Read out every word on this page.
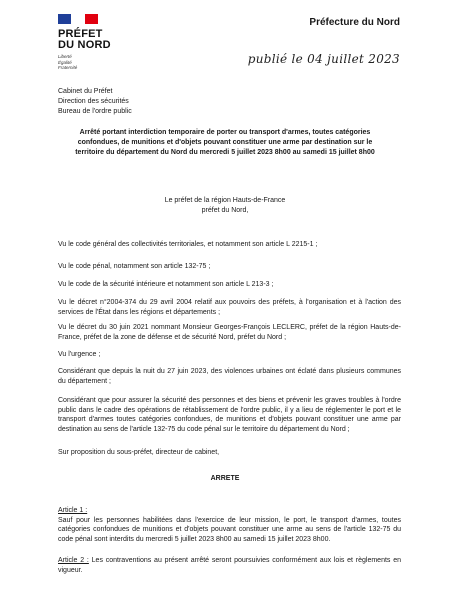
PRÉFET
DU NORD
Liberté
Égalité
Fraternité
Préfecture du Nord
publié le 04 juillet 2023
Cabinet du Préfet
Direction des sécurités
Bureau de l'ordre public
Arrêté portant interdiction temporaire de porter ou transport d'armes, toutes catégories confondues, de munitions et d'objets pouvant constituer une arme par destination sur le territoire du département du Nord du mercredi 5 juillet 2023 8h00 au samedi 15 juillet 8h00
Le préfet de la région Hauts-de-France
préfet du Nord,
Vu le code général des collectivités territoriales, et notamment son article L 2215-1 ;
Vu le code pénal, notamment son article 132-75 ;
Vu le code de la sécurité intérieure et notamment son article L 213-3 ;
Vu le décret n°2004-374 du 29 avril 2004 relatif aux pouvoirs des préfets, à l'organisation et à l'action des services de l'État dans les régions et départements ;
Vu le décret du 30 juin 2021 nommant Monsieur Georges-François LECLERC, préfet de la région Hauts-de-France, préfet de la zone de défense et de sécurité Nord, préfet du Nord ;
Vu l'urgence ;
Considérant que depuis la nuit du 27 juin 2023, des violences urbaines ont éclaté dans plusieurs communes du département ;
Considérant que pour assurer la sécurité des personnes et des biens et prévenir les graves troubles à l'ordre public dans le cadre des opérations de rétablissement de l'ordre public, il y a lieu de réglementer le port et le transport d'armes toutes catégories confondues, de munitions et d'objets pouvant constituer une arme par destination au sens de l'article 132-75 du code pénal sur le territoire du département du Nord ;
Sur proposition du sous-préfet, directeur de cabinet,
ARRETE
Article 1 :
Sauf pour les personnes habilitées dans l'exercice de leur mission, le port, le transport d'armes, toutes catégories confondues de munitions et d'objets pouvant constituer une arme au sens de l'article 132-75 du code pénal sont interdits du mercredi 5 juillet 2023 8h00 au samedi 15 juillet 2023 8h00.
Article 2 : Les contraventions au présent arrêté seront poursuivies conformément aux lois et règlements en vigueur.
